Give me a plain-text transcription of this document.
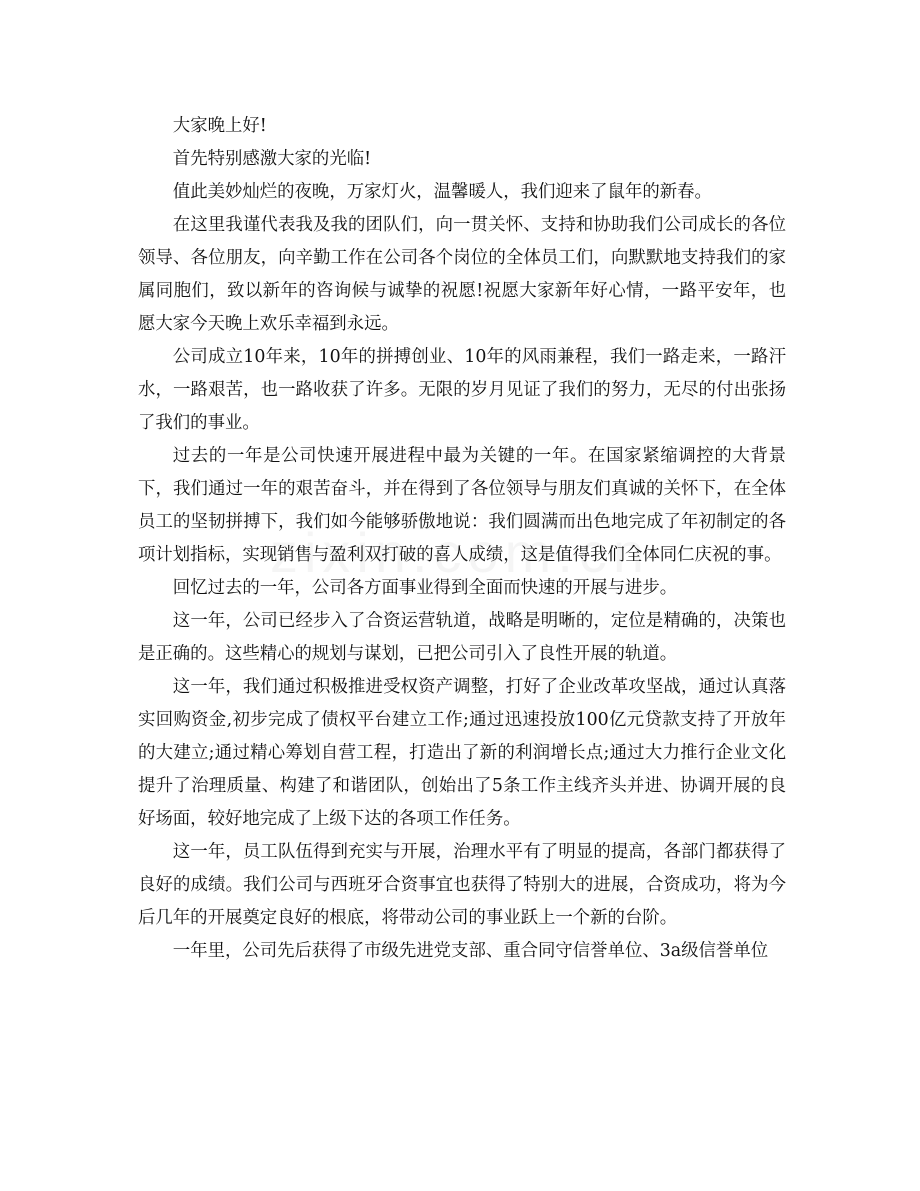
大家晚上好!

首先特别感激大家的光临!

值此美妙灿烂的夜晚，万家灯火，温馨暖人，我们迎来了鼠年的新春。

在这里我谨代表我及我的团队们，向一贯关怀、支持和协助我们公司成长的各位领导、各位朋友，向辛勤工作在公司各个岗位的全体员工们，向默默地支持我们的家属同胞们，致以新年的咨询候与诚挚的祝愿!祝愿大家新年好心情，一路平安年，也愿大家今天晚上欢乐幸福到永远。

公司成立10年来，10年的拼搏创业、10年的风雨兼程，我们一路走来，一路汗水，一路艰苦，也一路收获了许多。无限的岁月见证了我们的努力，无尽的付出张扬了我们的事业。

过去的一年是公司快速开展进程中最为关键的一年。在国家紧缩调控的大背景下，我们通过一年的艰苦奋斗，并在得到了各位领导与朋友们真诚的关怀下，在全体员工的坚韧拼搏下，我们如今能够骄傲地说：我们圆满而出色地完成了年初制定的各项计划指标，实现销售与盈利双打破的喜人成绩，这是值得我们全体同仁庆祝的事。

回忆过去的一年，公司各方面事业得到全面而快速的开展与进步。

这一年，公司已经步入了合资运营轨道，战略是明晰的，定位是精确的，决策也是正确的。这些精心的规划与谋划，已把公司引入了良性开展的轨道。

这一年，我们通过积极推进受权资产调整，打好了企业改革攻坚战，通过认真落实回购资金,初步完成了债权平台建立工作;通过迅速投放100亿元贷款支持了开放年的大建立;通过精心筹划自营工程，打造出了新的利润增长点;通过大力推行企业文化提升了治理质量、构建了和谐团队，创始出了5条工作主线齐头并进、协调开展的良好场面，较好地完成了上级下达的各项工作任务。

这一年，员工队伍得到充实与开展，治理水平有了明显的提高，各部门都获得了良好的成绩。我们公司与西班牙合资事宜也获得了特别大的进展，合资成功，将为今后几年的开展奠定良好的根底，将带动公司的事业跃上一个新的台阶。

一年里，公司先后获得了市级先进党支部、重合同守信誉单位、3a级信誉单位
